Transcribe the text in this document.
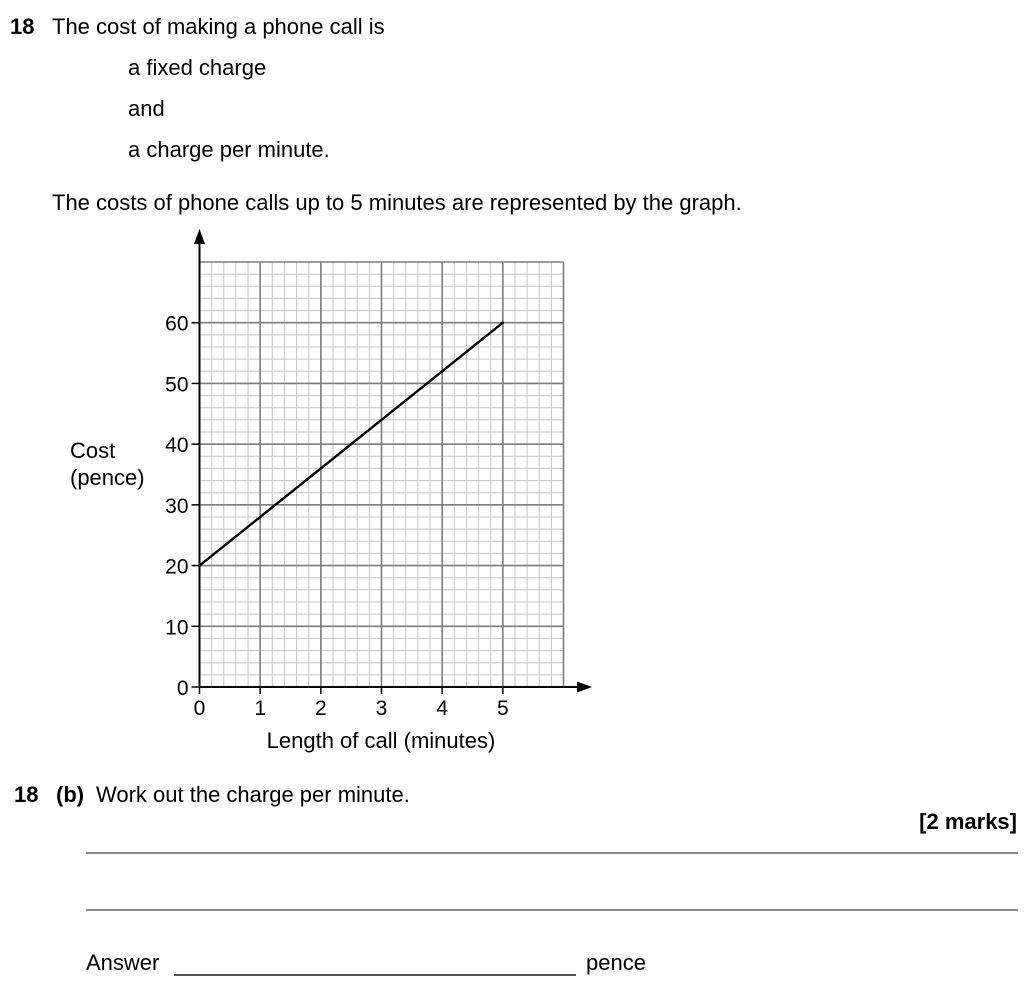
18 The cost of making a phone call is
a fixed charge
and
a charge per minute.
The costs of phone calls up to 5 minutes are represented by the graph.
0
10
20
30
40
50
60
0 1 2 3 4 5
Cost
(pence)
Length of call (minutes)
18 (b) Work out the charge per minute.
[2 marks]
Answer	pence
